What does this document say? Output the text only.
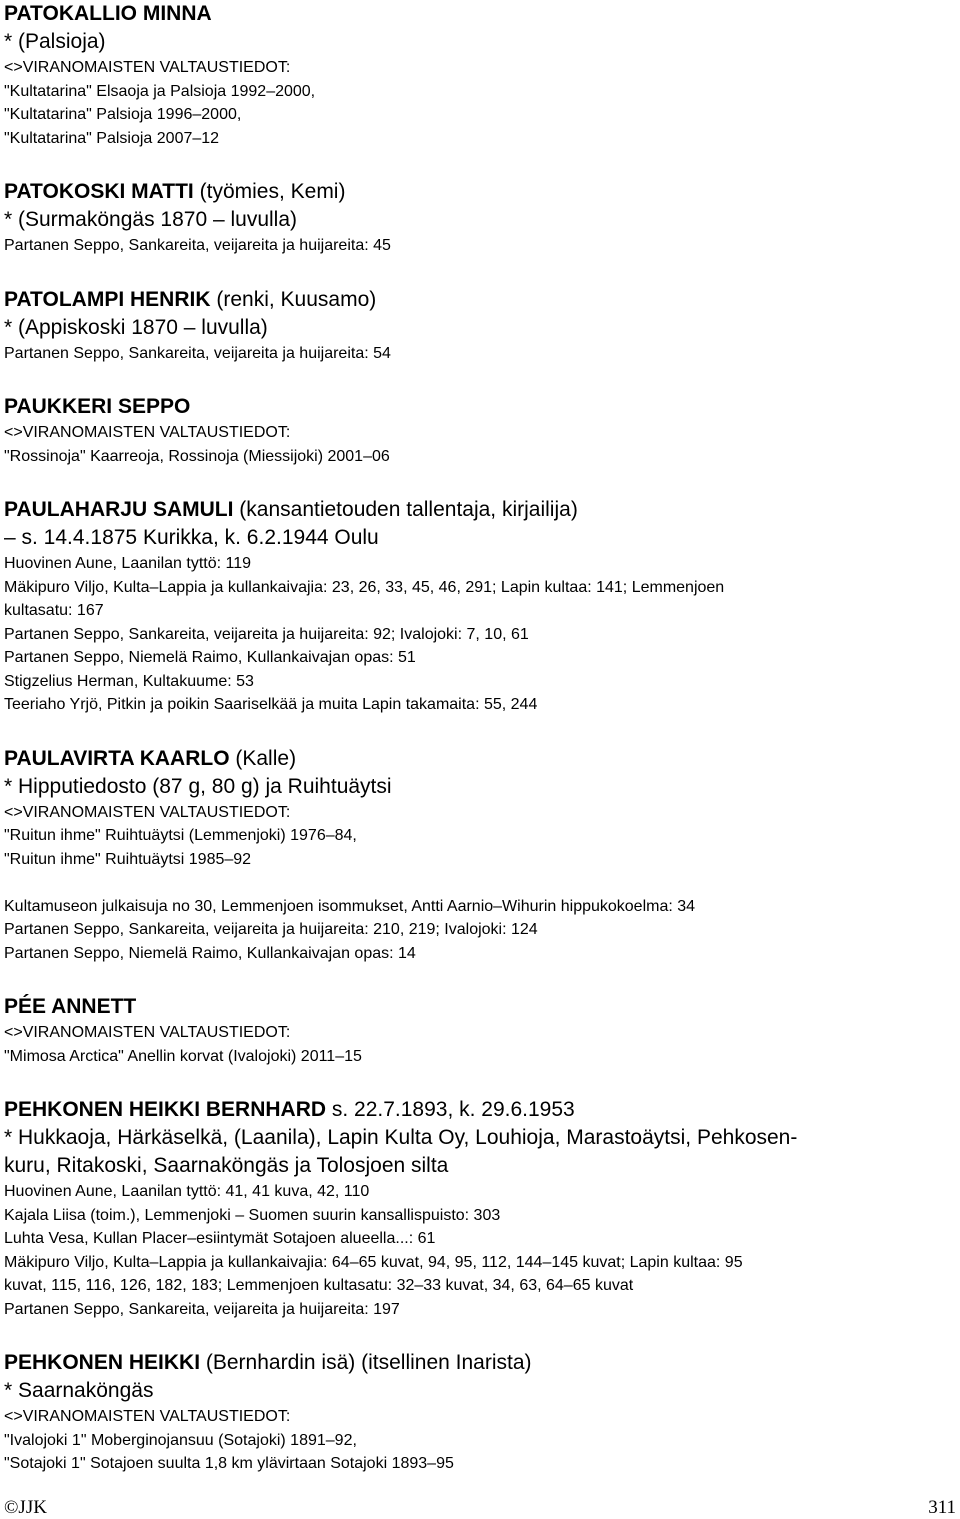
PATOKALLIO MINNA
* (Palsioja)
<>VIRANOMAISTEN VALTAUSTIEDOT:
"Kultatarina" Elsaoja ja Palsioja 1992–2000,
"Kultatarina" Palsioja 1996–2000,
"Kultatarina" Palsioja 2007–12
PATOKOSKI MATTI (työmies, Kemi)
* (Surmaköngäs 1870 – luvulla)
Partanen Seppo, Sankareita, veijareita ja huijareita: 45
PATOLAMPI HENRIK (renki, Kuusamo)
* (Appiskoski 1870 – luvulla)
Partanen Seppo, Sankareita, veijareita ja huijareita: 54
PAUKKERI SEPPO
<>VIRANOMAISTEN VALTAUSTIEDOT:
"Rossinoja" Kaarreoja, Rossinoja (Miessijoki) 2001–06
PAULAHARJU SAMULI (kansantietouden tallentaja, kirjailija)
– s. 14.4.1875 Kurikka, k. 6.2.1944 Oulu
Huovinen Aune, Laanilan tyttö: 119
Mäkipuro Viljo, Kulta–Lappia ja kullankaivajia: 23, 26, 33, 45, 46, 291; Lapin kultaa: 141; Lemmenjoen
kultasatu: 167
Partanen Seppo, Sankareita, veijareita ja huijareita: 92; Ivalojoki: 7, 10, 61
Partanen Seppo, Niemelä Raimo, Kullankaivajan opas: 51
Stigzelius Herman, Kultakuume: 53
Teeriaho Yrjö, Pitkin ja poikin Saariselkää ja muita Lapin takamaita: 55, 244
PAULAVIRTA KAARLO (Kalle)
* Hipputiedosto (87 g, 80 g) ja Ruihtuäytsi
<>VIRANOMAISTEN VALTAUSTIEDOT:
"Ruitun ihme" Ruihtuäytsi (Lemmenjoki) 1976–84,
"Ruitun ihme" Ruihtuäytsi 1985–92

Kultamuseon julkaisuja no 30, Lemmenjoen isommukset, Antti Aarnio–Wihurin hippukokoelma: 34
Partanen Seppo, Sankareita, veijareita ja huijareita: 210, 219; Ivalojoki: 124
Partanen Seppo, Niemelä Raimo, Kullankaivajan opas: 14
PÉE ANNETT
<>VIRANOMAISTEN VALTAUSTIEDOT:
"Mimosa Arctica" Anellin korvat (Ivalojoki) 2011–15
PEHKONEN HEIKKI BERNHARD s. 22.7.1893, k. 29.6.1953
* Hukkaoja, Härkäselkä, (Laanila), Lapin Kulta Oy, Louhioja, Marastoäytsi, Pehkosen-
kuru, Ritakoski, Saarnaköngäs ja Tolosjoen silta
Huovinen Aune, Laanilan tyttö: 41, 41 kuva, 42, 110
Kajala Liisa (toim.), Lemmenjoki – Suomen suurin kansallispuisto: 303
Luhta Vesa, Kullan Placer–esiintymät Sotajoen alueella...: 61
Mäkipuro Viljo, Kulta–Lappia ja kullankaivajia: 64–65 kuvat, 94, 95, 112, 144–145 kuvat; Lapin kultaa: 95
kuvat, 115, 116, 126, 182, 183; Lemmenjoen kultasatu: 32–33 kuvat, 34, 63, 64–65 kuvat
Partanen Seppo, Sankareita, veijareita ja huijareita: 197
PEHKONEN HEIKKI (Bernhardin isä) (itsellinen Inarista)
* Saarnaköngäs
<>VIRANOMAISTEN VALTAUSTIEDOT:
"Ivalojoki 1" Moberginojansuu (Sotajoki) 1891–92,
"Sotajoki 1" Sotajoen suulta 1,8 km ylävirtaan Sotajoki 1893–95
©JJK	311
